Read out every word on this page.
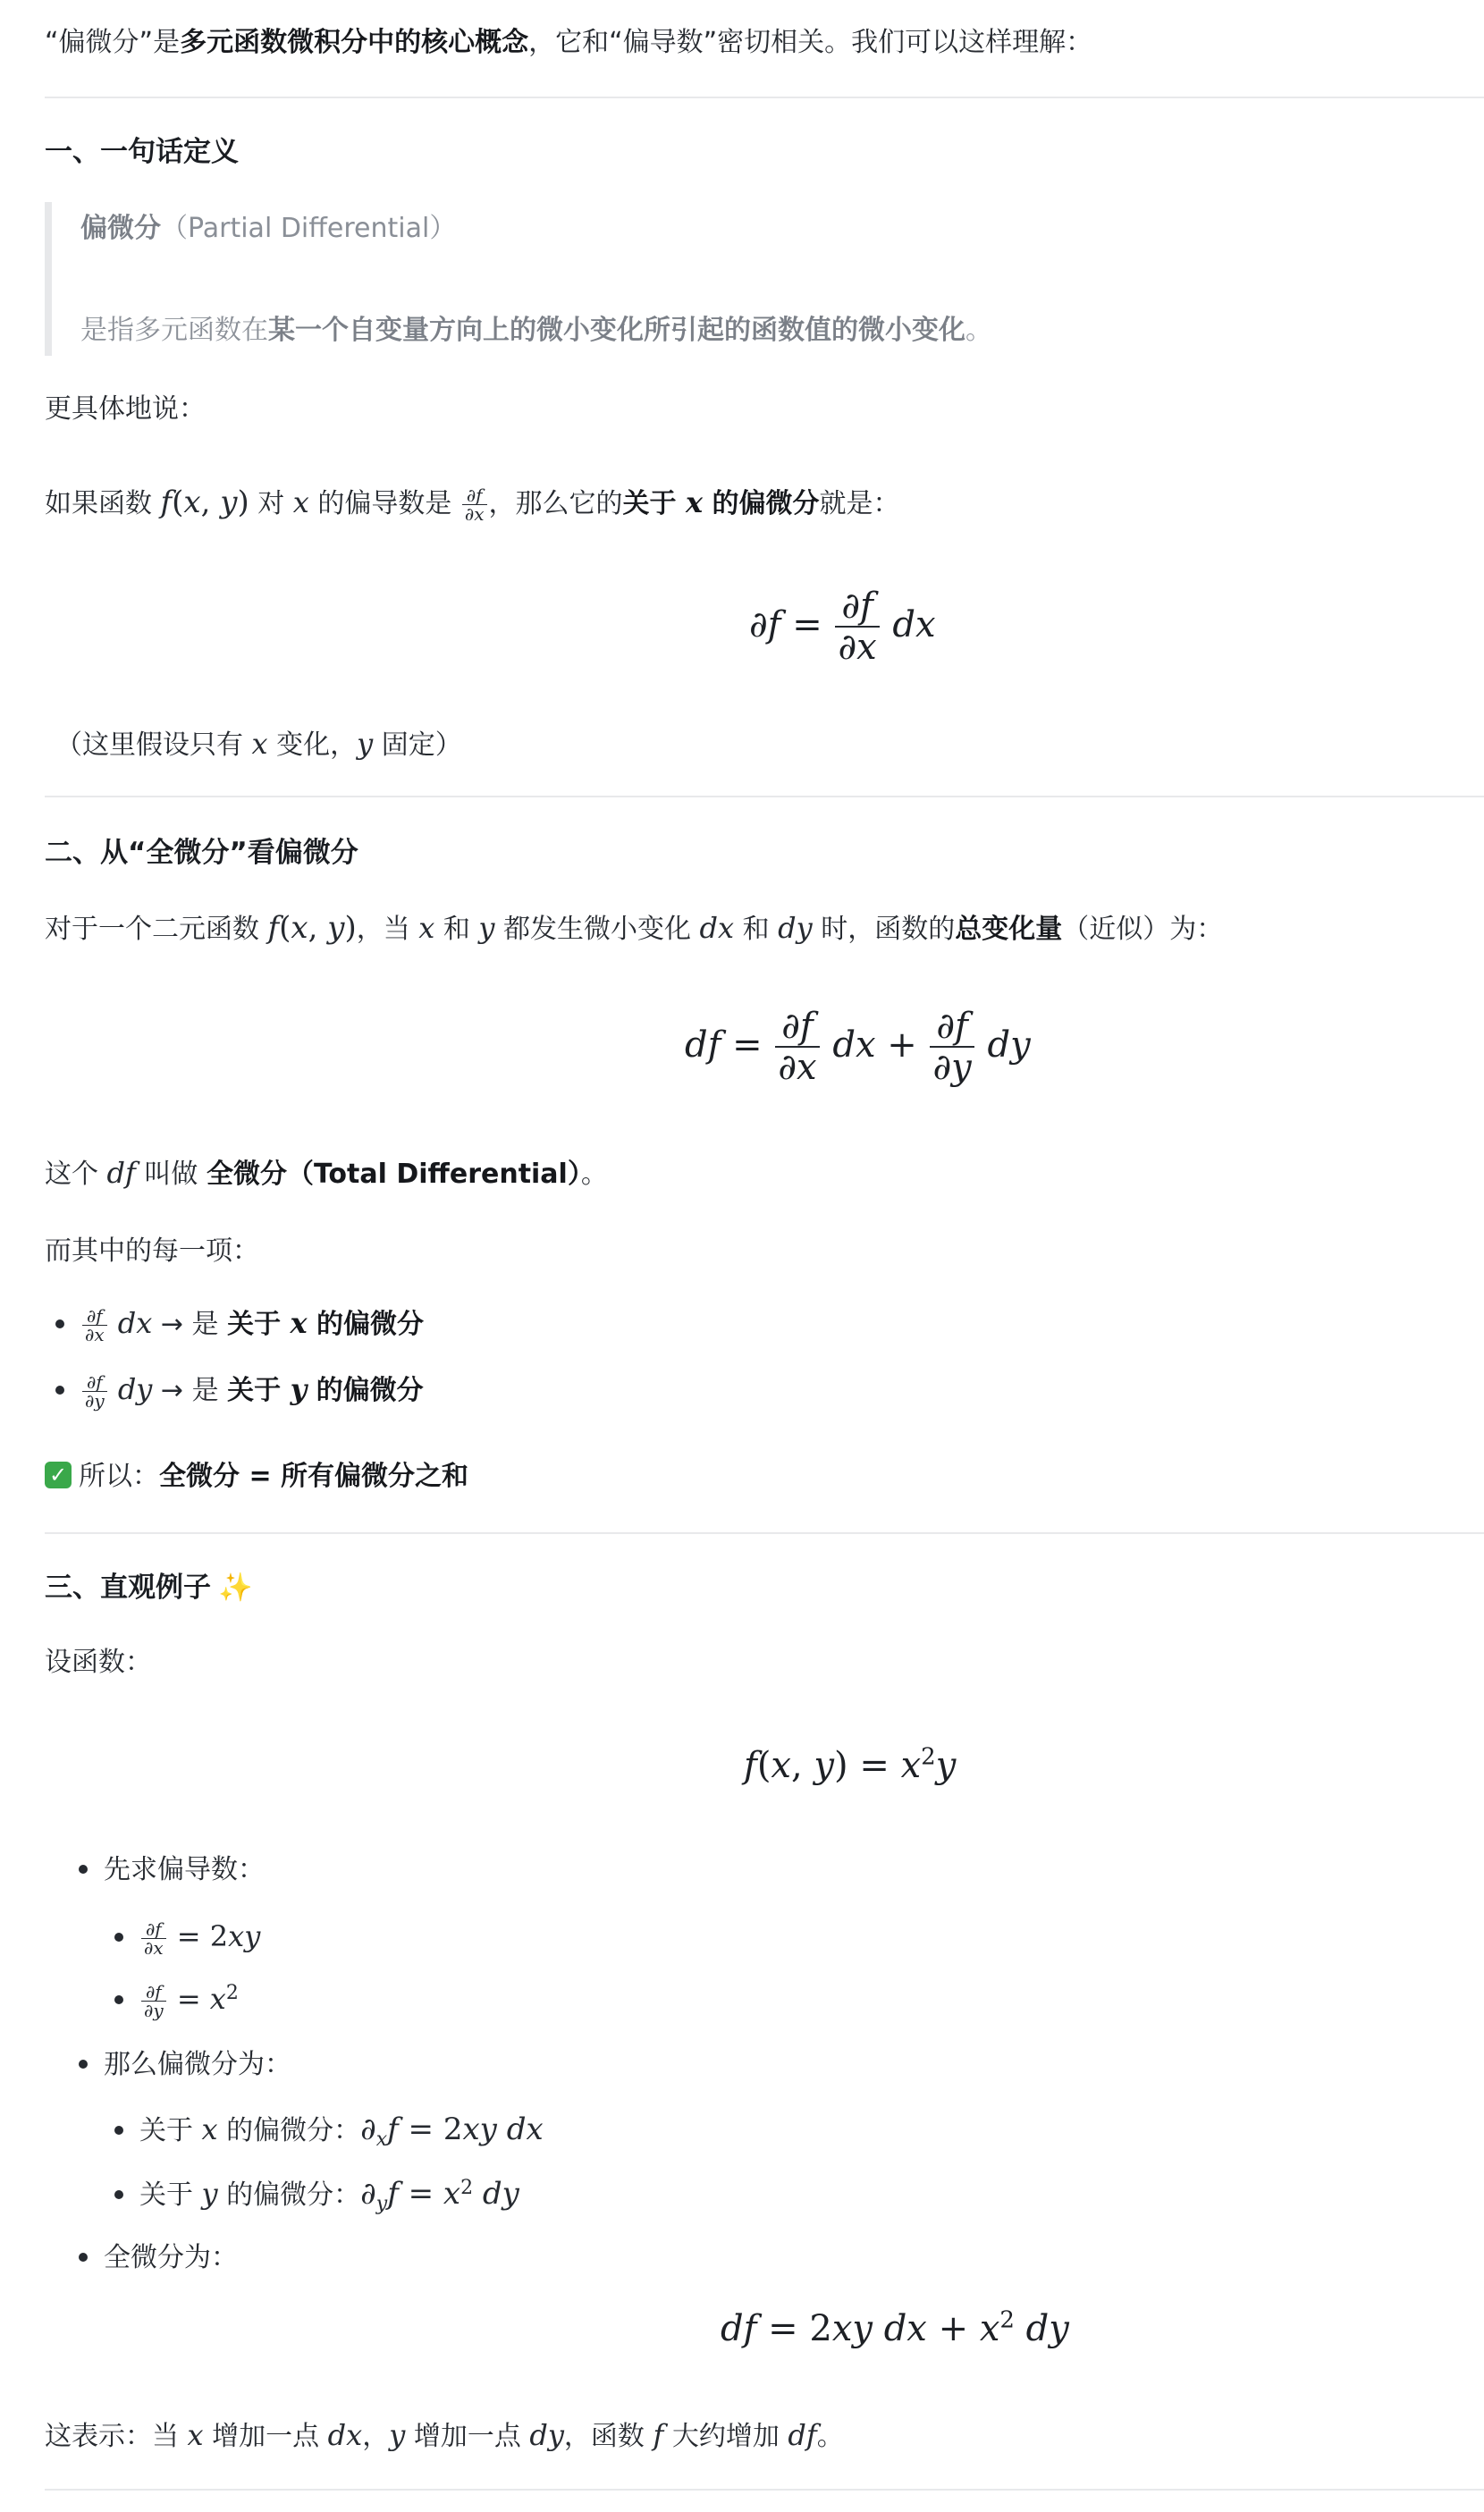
“偏微分”是多元函数微积分中的核心概念，它和“偏导数”密切相关。我们可以这样理解：
一、一句话定义
偏微分（Partial Differential）
是指多元函数在某一个自变量方向上的微小变化所引起的函数值的微小变化。
更具体地说：
如果函数 f(x, y) 对 x 的偏导数是 $\frac{\partial f}{\partial x}$ ，那么它的关于 x 的偏微分就是：
$\partial f = \frac{\partial f}{\partial x}$ dx
（这里假设只有 x 变化，y 固定）
二、从“全微分”看偏微分
对于一个二元函数 f(x, y)，当 x 和 y 都发生微小变化 dx 和 dy 时，函数的总变化量（近似）为：
df = $\frac{\partial f}{\partial x}$ dx + $\frac{\partial f}{\partial y}$ dy
这个 df 叫做 全微分（Total Differential）。
而其中的每一项：
$\frac{\partial f}{\partial x}$ dx → 是 关于 x 的偏微分
$\frac{\partial f}{\partial y}$ dy → 是 关于 y 的偏微分
✓ 所以：全微分 = 所有偏微分之和
三、直观例子 ✨
设函数：
f(x, $y) = x^2y$
先求偏导数：
$\frac{\partial f}{\partial x} = 2xy$
$\frac{\partial f}{\partial y} = x^2$
那么偏微分为：
关于 x 的偏微分：$\partial_xf = 2xy$ dx
关于 y 的偏微分：$\partial_yf = x^2$ dy
全微分为：
df = 2xy dx + $x^2$ dy
这表示：当 x 增加一点 dx，y 增加一点 dy，函数 f 大约增加 df。
